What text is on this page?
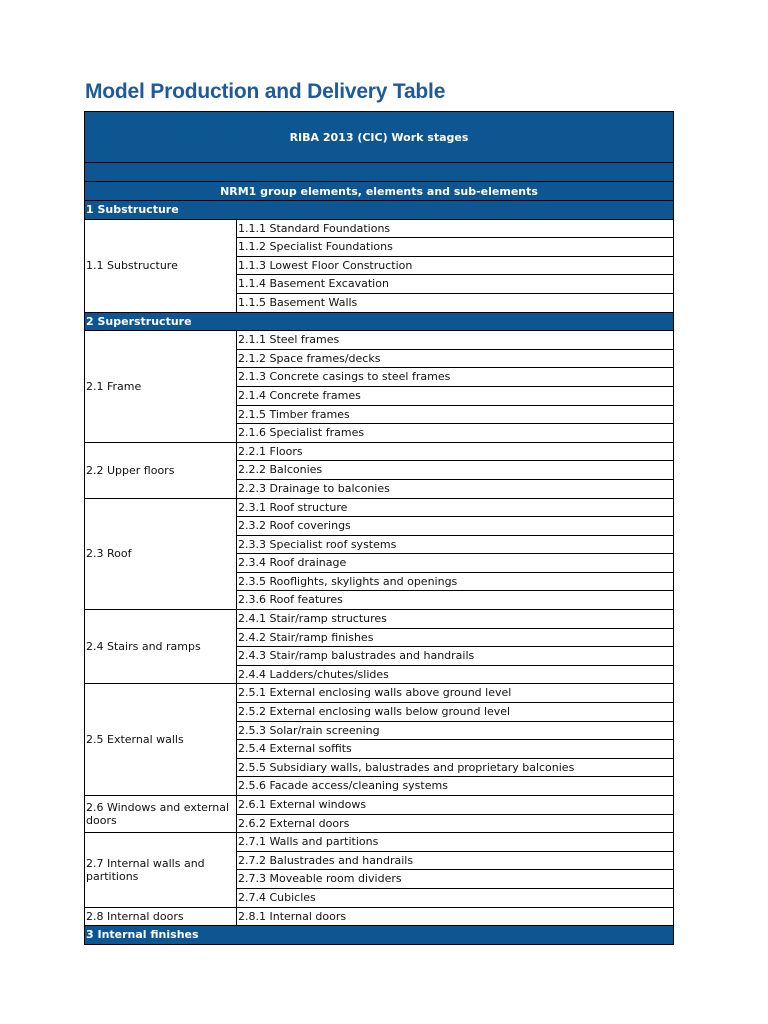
Model Production and Delivery Table
RIBA 2013 (CIC) Work stages
NRM1 group elements, elements and sub-elements
1 Substructure
1.1 Substructure
1.1.1 Standard Foundations
1.1.2 Specialist Foundations
1.1.3 Lowest Floor Construction
1.1.4 Basement Excavation
1.1.5 Basement Walls
2 Superstructure
2.1 Frame
2.1.1 Steel frames
2.1.2 Space frames/decks
2.1.3 Concrete casings to steel frames
2.1.4 Concrete frames
2.1.5 Timber frames
2.1.6 Specialist frames
2.2 Upper floors
2.2.1 Floors
2.2.2 Balconies
2.2.3 Drainage to balconies
2.3 Roof
2.3.1 Roof structure
2.3.2 Roof coverings
2.3.3 Specialist roof systems
2.3.4 Roof drainage
2.3.5 Rooflights, skylights and openings
2.3.6 Roof features
2.4 Stairs and ramps
2.4.1 Stair/ramp structures
2.4.2 Stair/ramp finishes
2.4.3 Stair/ramp balustrades and handrails
2.4.4 Ladders/chutes/slides
2.5 External walls
2.5.1 External enclosing walls above ground level
2.5.2 External enclosing walls below ground level
2.5.3 Solar/rain screening
2.5.4 External soffits
2.5.5 Subsidiary walls, balustrades and proprietary balconies
2.5.6 Facade access/cleaning systems
2.6 Windows and external doors
2.6.1 External windows
2.6.2 External doors
2.7 Internal walls and partitions
2.7.1 Walls and partitions
2.7.2 Balustrades and handrails
2.7.3 Moveable room dividers
2.7.4 Cubicles
2.8 Internal doors	2.8.1 Internal doors
3 Internal finishes
